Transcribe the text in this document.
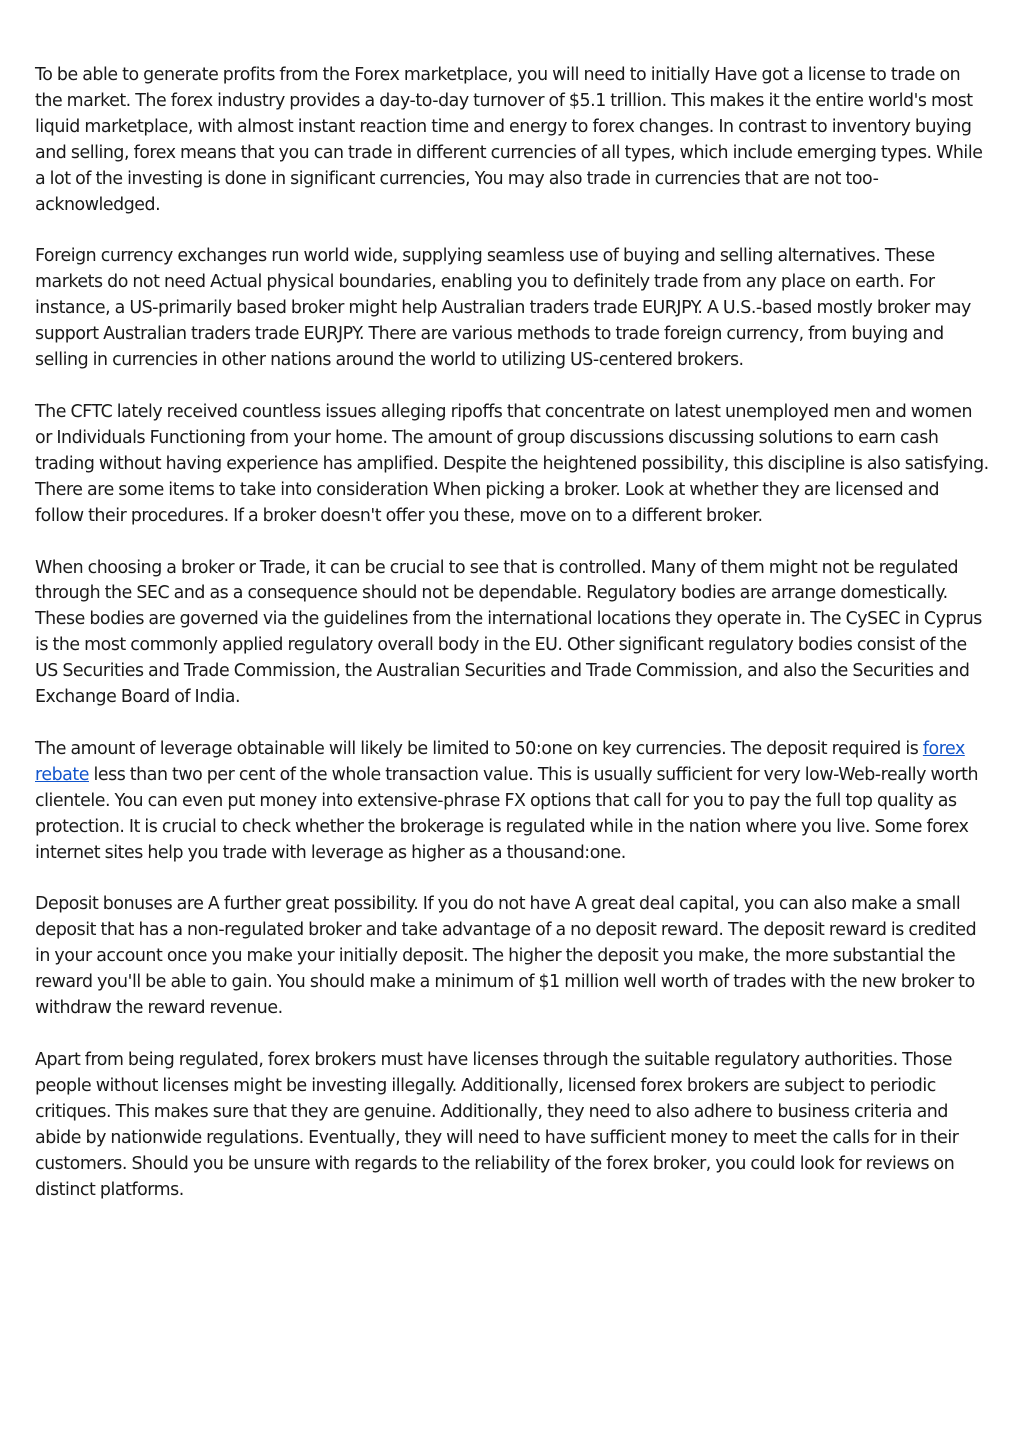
To be able to generate profits from the Forex marketplace, you will need to initially Have got a license to trade on the market. The forex industry provides a day-to-day turnover of $5.1 trillion. This makes it the entire world's most liquid marketplace, with almost instant reaction time and energy to forex changes. In contrast to inventory buying and selling, forex means that you can trade in different currencies of all types, which include emerging types. While a lot of the investing is done in significant currencies, You may also trade in currencies that are not too-acknowledged.

Foreign currency exchanges run world wide, supplying seamless use of buying and selling alternatives. These markets do not need Actual physical boundaries, enabling you to definitely trade from any place on earth. For instance, a US-primarily based broker might help Australian traders trade EURJPY. A U.S.-based mostly broker may support Australian traders trade EURJPY. There are various methods to trade foreign currency, from buying and selling in currencies in other nations around the world to utilizing US-centered brokers.

The CFTC lately received countless issues alleging ripoffs that concentrate on latest unemployed men and women or Individuals Functioning from your home. The amount of group discussions discussing solutions to earn cash trading without having experience has amplified. Despite the heightened possibility, this discipline is also satisfying. There are some items to take into consideration When picking a broker. Look at whether they are licensed and follow their procedures. If a broker doesn't offer you these, move on to a different broker.

When choosing a broker or Trade, it can be crucial to see that is controlled. Many of them might not be regulated through the SEC and as a consequence should not be dependable. Regulatory bodies are arrange domestically. These bodies are governed via the guidelines from the international locations they operate in. The CySEC in Cyprus is the most commonly applied regulatory overall body in the EU. Other significant regulatory bodies consist of the US Securities and Trade Commission, the Australian Securities and Trade Commission, and also the Securities and Exchange Board of India.

The amount of leverage obtainable will likely be limited to 50:one on key currencies. The deposit required is forex rebate less than two per cent of the whole transaction value. This is usually sufficient for very low-Web-really worth clientele. You can even put money into extensive-phrase FX options that call for you to pay the full top quality as protection. It is crucial to check whether the brokerage is regulated while in the nation where you live. Some forex internet sites help you trade with leverage as higher as a thousand:one.

Deposit bonuses are A further great possibility. If you do not have A great deal capital, you can also make a small deposit that has a non-regulated broker and take advantage of a no deposit reward. The deposit reward is credited in your account once you make your initially deposit. The higher the deposit you make, the more substantial the reward you'll be able to gain. You should make a minimum of $1 million well worth of trades with the new broker to withdraw the reward revenue.

Apart from being regulated, forex brokers must have licenses through the suitable regulatory authorities. Those people without licenses might be investing illegally. Additionally, licensed forex brokers are subject to periodic critiques. This makes sure that they are genuine. Additionally, they need to also adhere to business criteria and abide by nationwide regulations. Eventually, they will need to have sufficient money to meet the calls for in their customers. Should you be unsure with regards to the reliability of the forex broker, you could look for reviews on distinct platforms.
